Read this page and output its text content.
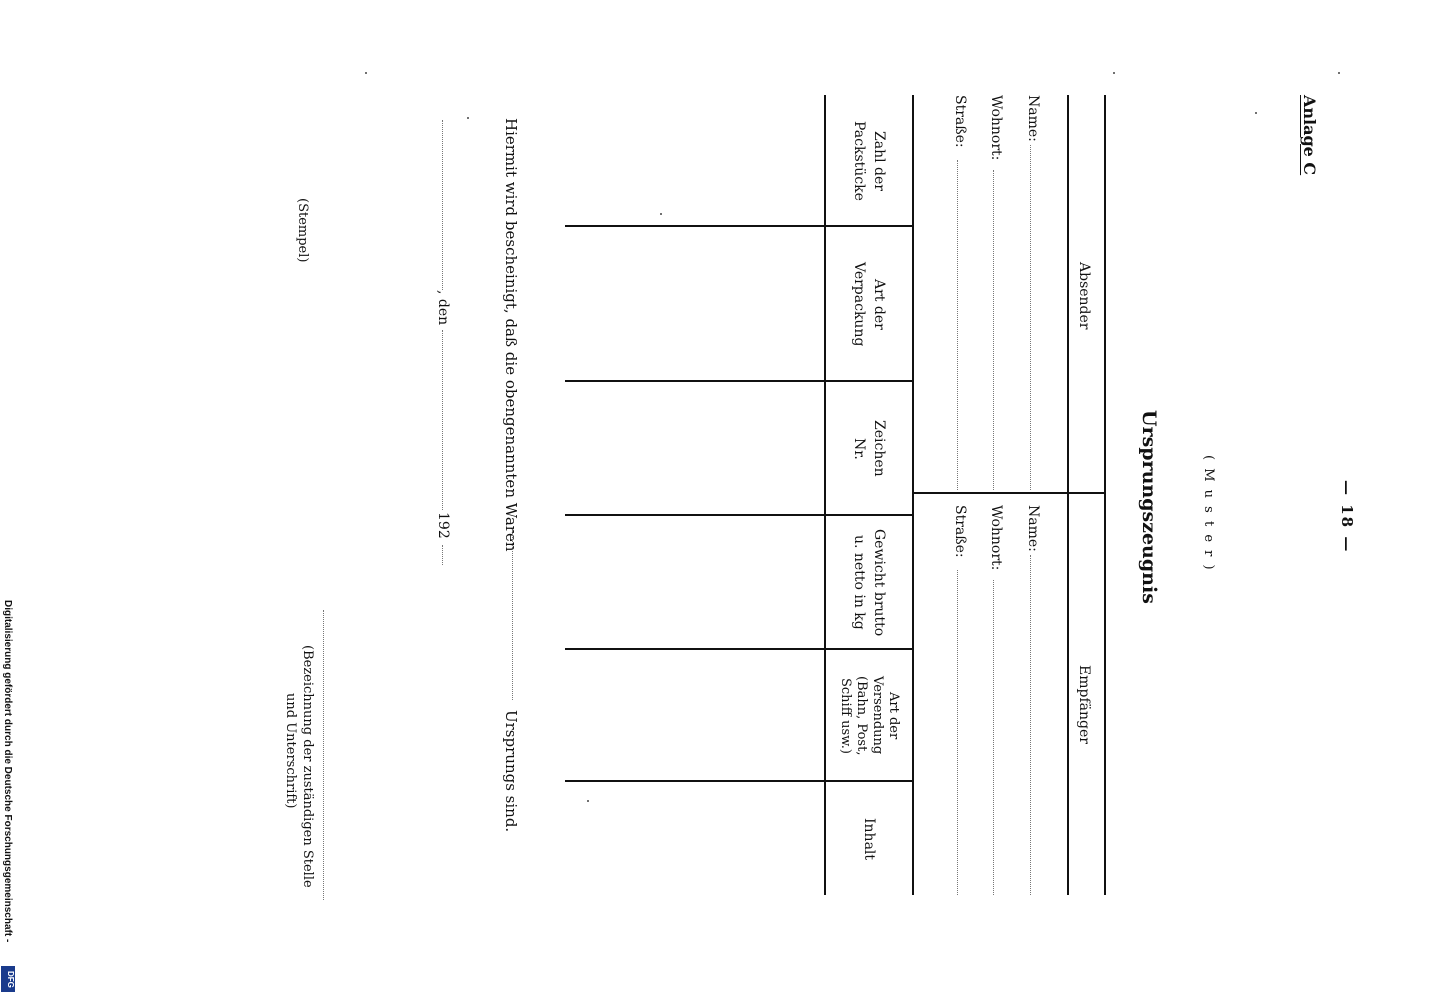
— 18 —
Anlage C
( M u s t e r )
Ursprungszeugnis
Absender
Empfänger
Name:
Wohnort:
Straße:
Name:
Wohnort:
Straße:
Zahl der Packstücke
Art der Verpackung
Zeichen Nr.
Gewicht brutto u. netto in kg
Art der Versendung (Bahn, Post, Schiff usw.)
Inhalt
Hiermit wird bescheinigt, daß die obengenannten Waren
Ursprungs sind.
, den
192
(Stempel)
(Bezeichnung der zuständigen Stelle
und Unterschrift)
Digitalisierung gefördert durch die Deutsche Forschungsgemeinschaft -
DFG
